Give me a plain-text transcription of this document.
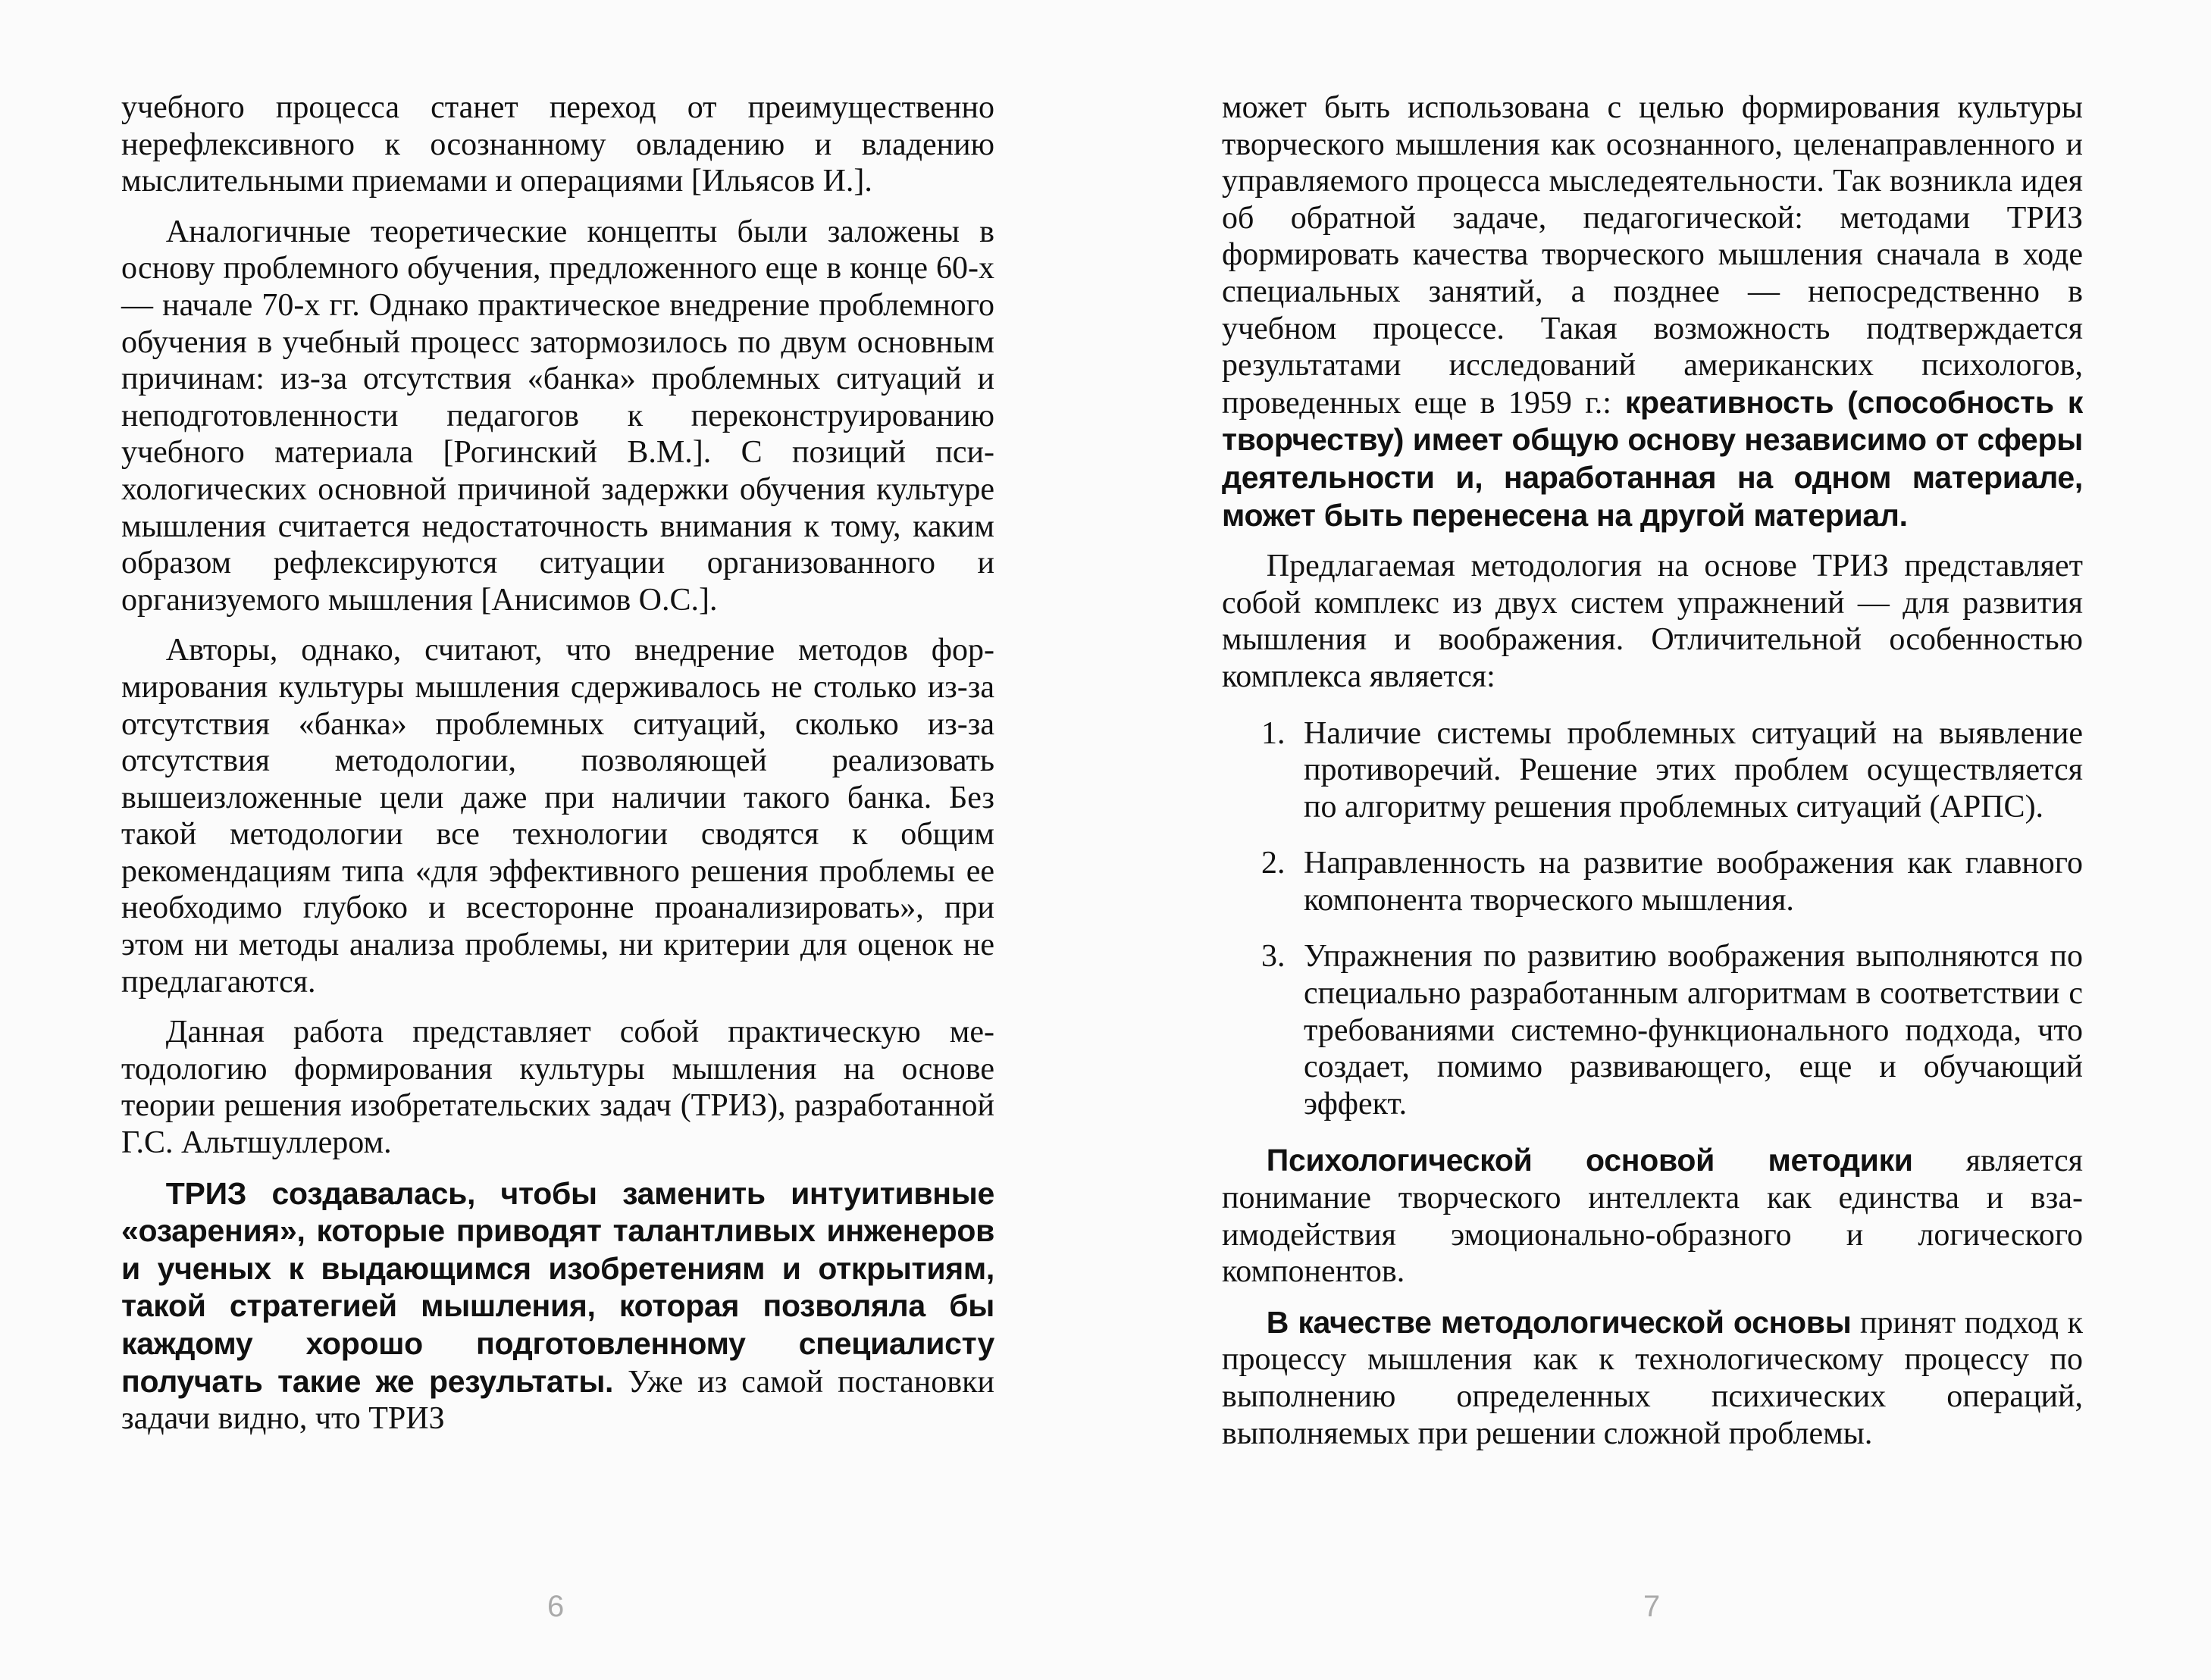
учебного процесса станет переход от преимущественно нерефлексивного к осознанному овладению и владению мыслительными приемами и операциями [Ильясов И.].

Аналогичные теоретические концепты были заложены в основу проблемного обучения, предложенного еще в конце 60-х — начале 70-х гг. Однако практическое внедрение проблемного обучения в учебный процесс затормозилось по двум основным причинам: из-за отсутствия «банка» проблемных ситуаций и неподготовленности педагогов к переконструированию учебного материала [Рогинский В.М.]. С позиций психологических основной причиной задержки обучения культуре мышления считается недостаточность внимания к тому, каким образом рефлексируются ситуации организованного и организуемого мышления [Анисимов О.С.].

Авторы, однако, считают, что внедрение методов формирования культуры мышления сдерживалось не столько из-за отсутствия «банка» проблемных ситуаций, сколько из-за отсутствия методологии, позволяющей реализовать вышеизложенные цели даже при наличии такого банка. Без такой методологии все технологии сводятся к общим рекомендациям типа «для эффективного решения проблемы ее необходимо глубоко и всесторонне проанализировать», при этом ни методы анализа проблемы, ни критерии для оценок не предлагаются.

Данная работа представляет собой практическую методологию формирования культуры мышления на основе теории решения изобретательских задач (ТРИЗ), разработанной Г.С. Альтшуллером.

ТРИЗ создавалась, чтобы заменить интуитивные «озарения», которые приводят талантливых инженеров и ученых к выдающимся изобретениям и открытиям, такой стратегией мышления, которая позволяла бы каждому хорошо подготовленному специалисту получать такие же результаты. Уже из самой постановки задачи видно, что ТРИЗ

может быть использована с целью формирования культуры творческого мышления как осознанного, целенаправленного и управляемого процесса мыследеятельности. Так возникла идея об обратной задаче, педагогической: методами ТРИЗ формировать качества творческого мышления сначала в ходе специальных занятий, а позднее — непосредственно в учебном процессе. Такая возможность подтверждается результатами исследований американских психологов, проведенных еще в 1959 г.: креативность (способность к творчеству) имеет общую основу независимо от сферы деятельности и, наработанная на одном материале, может быть перенесена на другой материал.

Предлагаемая методология на основе ТРИЗ представляет собой комплекс из двух систем упражнений — для развития мышления и воображения. Отличительной особенностью комплекса является:

1. Наличие системы проблемных ситуаций на выявление противоречий. Решение этих проблем осуществляется по алгоритму решения проблемных ситуаций (АРПС).
2. Направленность на развитие воображения как главного компонента творческого мышления.
3. Упражнения по развитию воображения выполняются по специально разработанным алгоритмам в соответствии с требованиями системно-функционального подхода, что создает, помимо развивающего, еще и обучающий эффект.

Психологической основой методики является понимание творческого интеллекта как единства и взаимодействия эмоционально-образного и логического компонентов.

В качестве методологической основы принят подход к процессу мышления как к технологическому процессу по выполнению определенных психических операций, выполняемых при решении сложной проблемы.

6	7
